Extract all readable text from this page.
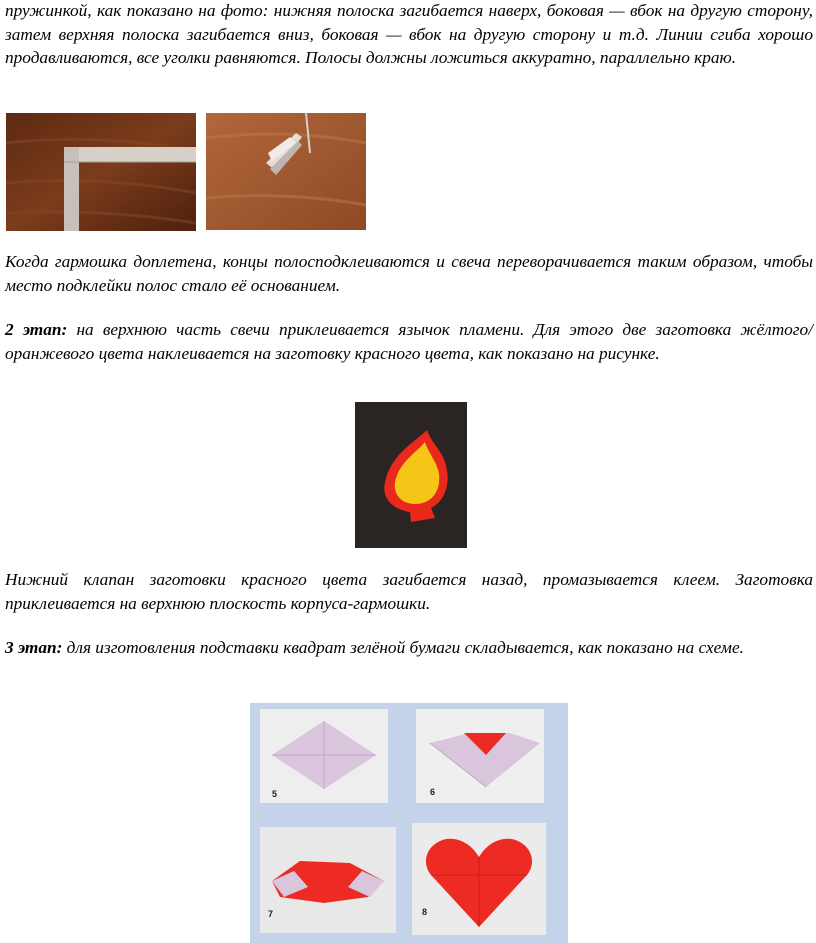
пружинкой, как показано на фото: нижняя полоска загибается наверх, боковая — вбок на другую сторону, затем верхняя полоска загибается вниз, боковая — вбок на другую сторону и т.д. Линии сгиба хорошо продавливаются, все уголки равняются. Полосы должны ложиться аккуратно, параллельно краю.

Когда гармошка доплетена, концы полосподклеиваются и свеча переворачивается таким образом, чтобы место подклейки полос стало её основанием.

2 этап: на верхнюю часть свечи приклеивается язычок пламени. Для этого две заготовка жёлтого/оранжевого цвета наклеивается на заготовку красного цвета, как показано на рисунке.

Нижний клапан заготовки красного цвета загибается назад, промазывается клеем. Заготовка приклеивается на верхнюю плоскость корпуса-гармошки.

3 этап: для изготовления подставки квадрат зелёной бумаги складывается, как показано на схеме.

5	6
7	8
